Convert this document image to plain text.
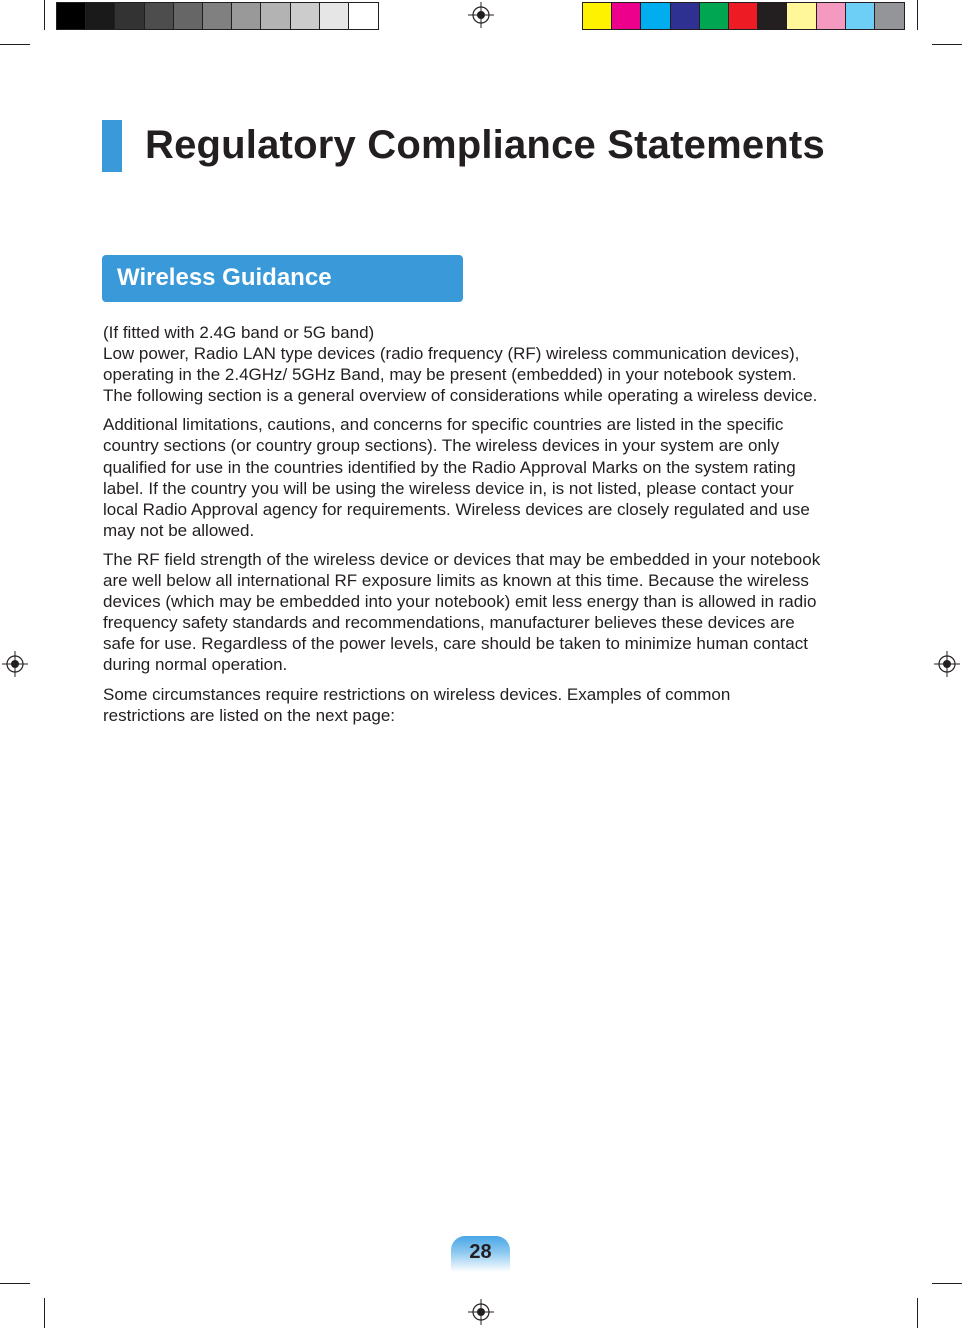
Regulatory Compliance Statements
Wireless Guidance

(If fitted with 2.4G band or 5G band)
Low power, Radio LAN type devices (radio frequency (RF) wireless communication devices),
operating in the 2.4GHz/ 5GHz Band, may be present (embedded) in your notebook system.
The following section is a general overview of considerations while operating a wireless device.

Additional limitations, cautions, and concerns for specific countries are listed in the specific
country sections (or country group sections). The wireless devices in your system are only
qualified for use in the countries identified by the Radio Approval Marks on the system rating
label. If the country you will be using the wireless device in, is not listed, please contact your
local Radio Approval agency for requirements. Wireless devices are closely regulated and use
may not be allowed.

The RF field strength of the wireless device or devices that may be embedded in your notebook
are well below all international RF exposure limits as known at this time. Because the wireless
devices (which may be embedded into your notebook) emit less energy than is allowed in radio
frequency safety standards and recommendations, manufacturer believes these devices are
safe for use. Regardless of the power levels, care should be taken to minimize human contact
during normal operation.

Some circumstances require restrictions on wireless devices. Examples of common
restrictions are listed on the next page:

28
